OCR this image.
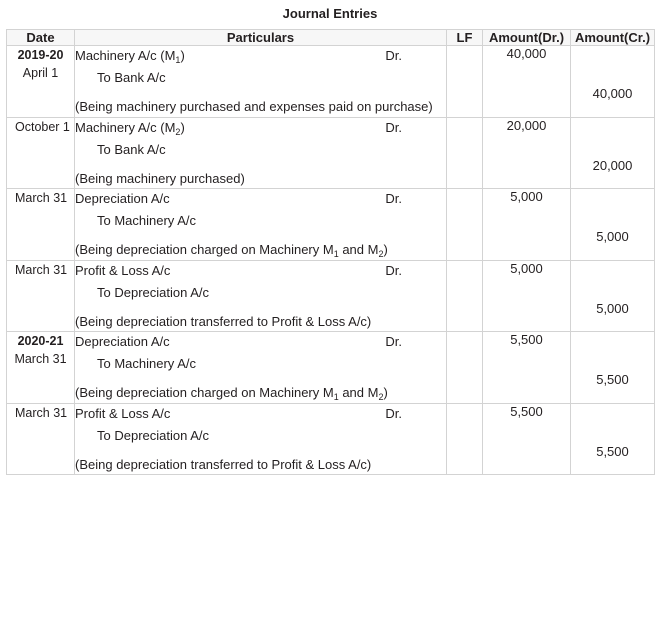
Journal Entries
Date	Particulars	LF	Amount(Dr.)	Amount(Cr.)

2019-20
April 1

Machinery A/c $(M_1)$	Dr.
To Bank A/c
(Being machinery purchased and expenses paid on purchase)
		40,000	40,000

October 1	Machinery A/c $(M_2)$ Dr.
To Bank A/c
(Being machinery purchased)		20,000	20,000

March 31	Depreciation A/c Dr.
To Machinery A/c
(Being depreciation charged on Machinery $M_1$ and $M_2$)		5,000	5,000

March 31	Profit & Loss A/c Dr.
To Depreciation A/c
(Being depreciation transferred to Profit & Loss A/c)		5,000	5,000

2020-21
March 31

Depreciation A/c	Dr.
To Machinery A/c
(Being depreciation charged on Machinery $M_1$ and $M_2$)
		5,500	5,500

March 31	Profit & Loss A/c Dr.
To Depreciation A/c
(Being depreciation transferred to Profit & Loss A/c)		5,500	5,500
